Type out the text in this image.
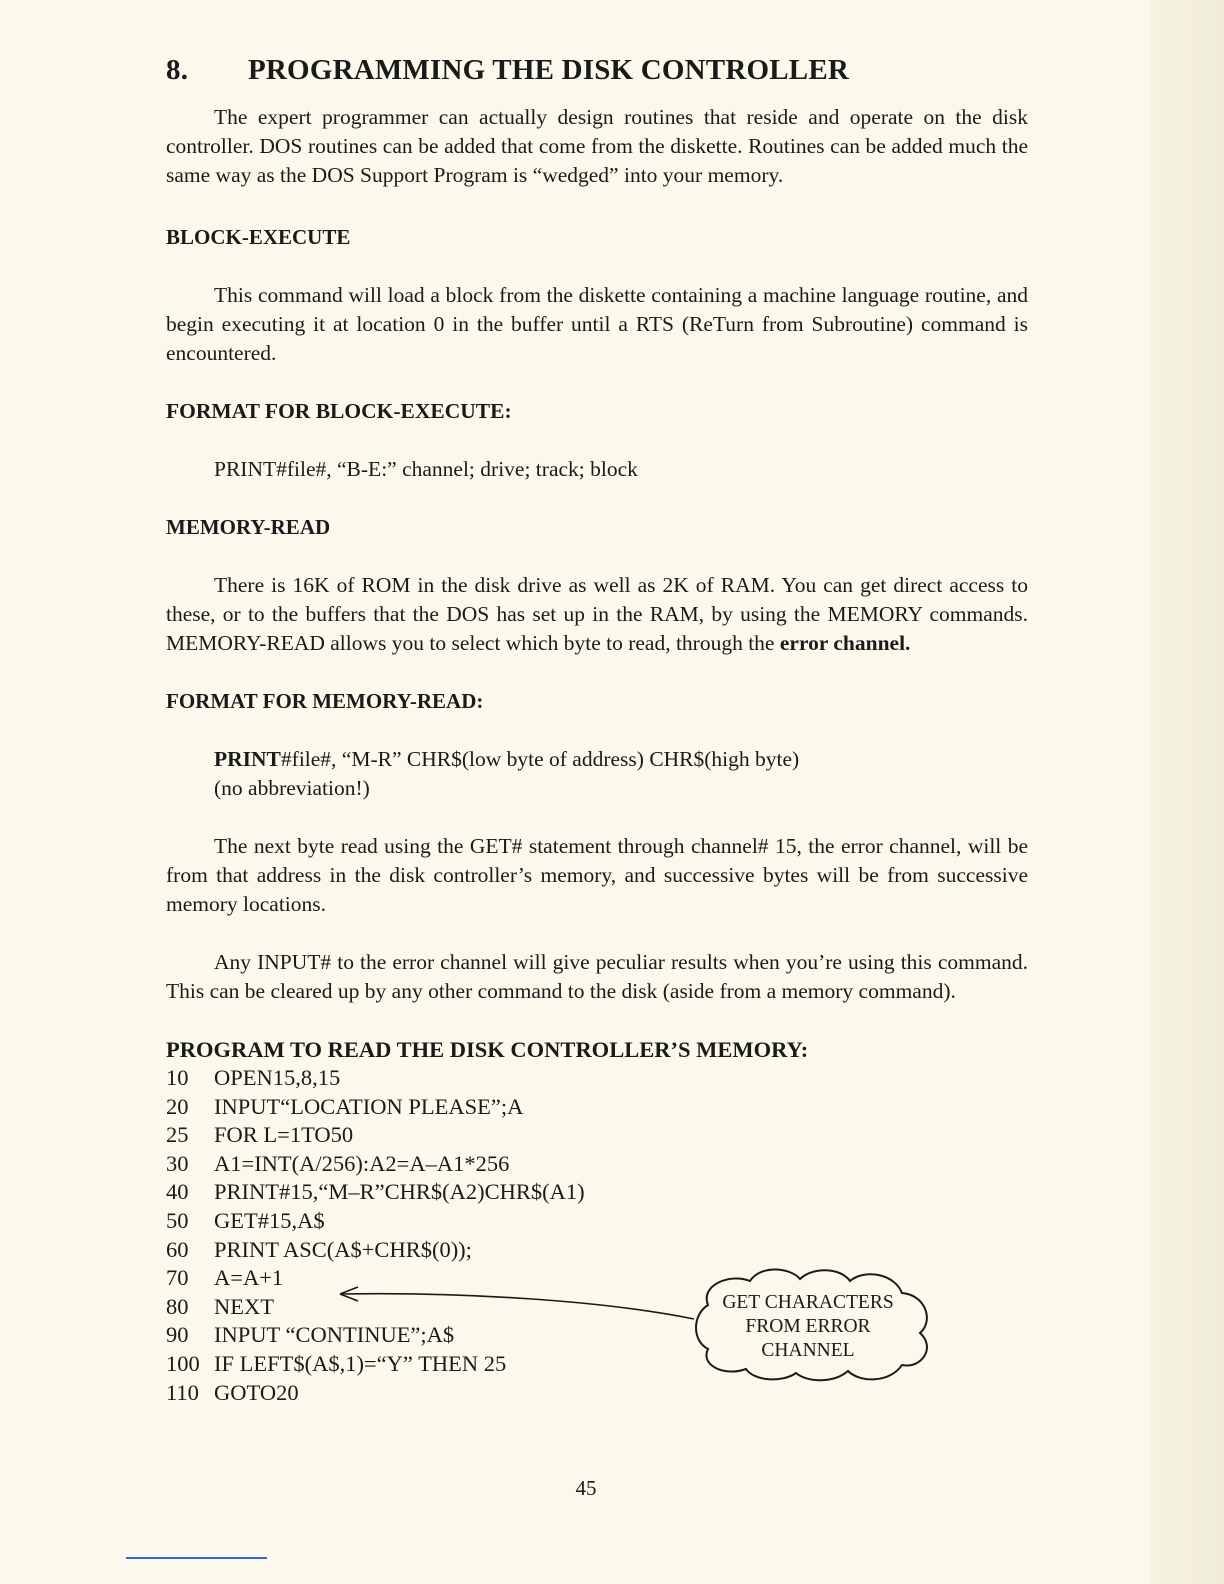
8. PROGRAMMING THE DISK CONTROLLER

The expert programmer can actually design routines that reside and operate on the disk controller. DOS routines can be added that come from the diskette. Routines can be added much the same way as the DOS Support Program is “wedged” into your memory.

BLOCK-EXECUTE

This command will load a block from the diskette containing a machine language routine, and begin executing it at location 0 in the buffer until a RTS (ReTurn from Subroutine) command is encountered.

FORMAT FOR BLOCK-EXECUTE:
PRINT#file#, “B-E:” channel; drive; track; block
MEMORY-READ

There is 16K of ROM in the disk drive as well as 2K of RAM. You can get direct access to these, or to the buffers that the DOS has set up in the RAM, by using the MEMORY commands. MEMORY-READ allows you to select which byte to read, through the error channel.

FORMAT FOR MEMORY-READ:
PRINT#file#, “M-R” CHR$(low byte of address) CHR$(high byte)
(no abbreviation!)

The next byte read using the GET# statement through channel# 15, the error channel, will be from that address in the disk controller’s memory, and successive bytes will be from successive memory locations.

Any INPUT# to the error channel will give peculiar results when you’re using this command. This can be cleared up by any other command to the disk (aside from a memory command).

PROGRAM TO READ THE DISK CONTROLLER’S MEMORY:
10 OPEN15,8,15
20 INPUT“LOCATION PLEASE”;A
25 FOR L=1TO50
30 A1=INT(A/256):A2=A–A1*256
40 PRINT#15,“M–R”CHR$(A2)CHR$(A1)
50 GET#15,A$
60 PRINT ASC(A$+CHR$(0));
70 A=A+1
80 NEXT
90 INPUT “CONTINUE”;A$
100 IF LEFT$(A$,1)=“Y” THEN 25
110 GOTO20
GET CHARACTERS
FROM ERROR
CHANNEL
45
